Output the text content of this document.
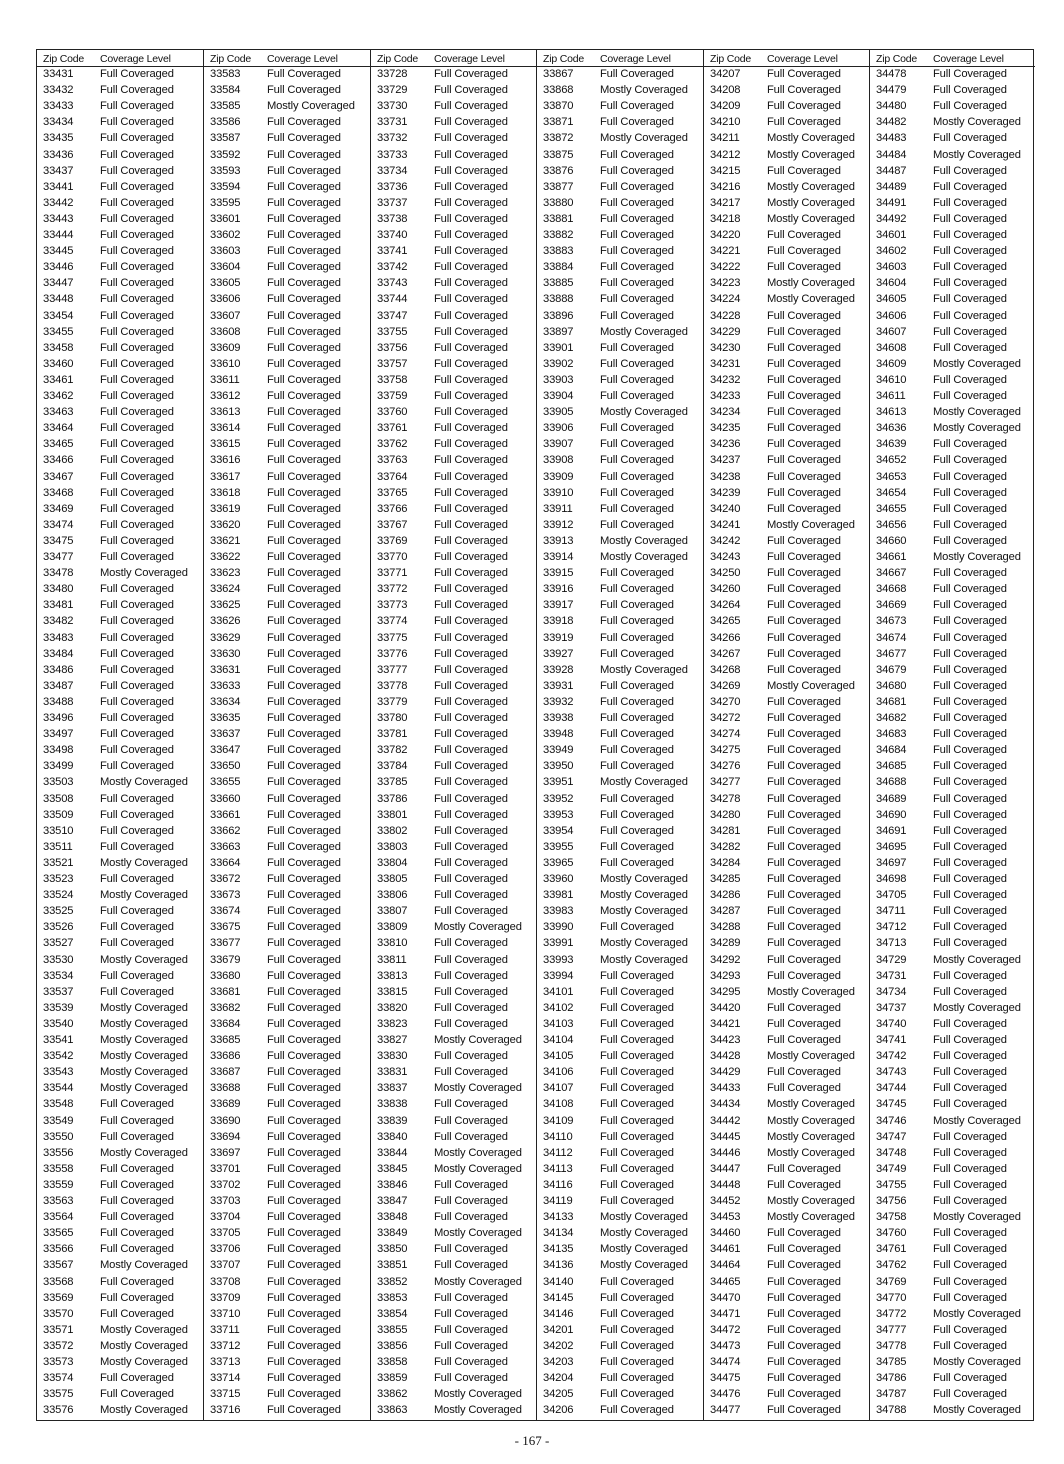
Zip Code Coverage Level
33431 Full Coveraged
33432 Full Coveraged
33433 Full Coveraged
33434 Full Coveraged
33435 Full Coveraged
33436 Full Coveraged
33437 Full Coveraged
33441 Full Coveraged
33442 Full Coveraged
33443 Full Coveraged
33444 Full Coveraged
33445 Full Coveraged
33446 Full Coveraged
33447 Full Coveraged
33448 Full Coveraged
33454 Full Coveraged
33455 Full Coveraged
33458 Full Coveraged
33460 Full Coveraged
33461 Full Coveraged
33462 Full Coveraged
33463 Full Coveraged
33464 Full Coveraged
33465 Full Coveraged
33466 Full Coveraged
33467 Full Coveraged
33468 Full Coveraged
33469 Full Coveraged
33474 Full Coveraged
33475 Full Coveraged
33477 Full Coveraged
33478 Mostly Coveraged
33480 Full Coveraged
33481 Full Coveraged
33482 Full Coveraged
33483 Full Coveraged
33484 Full Coveraged
33486 Full Coveraged
33487 Full Coveraged
33488 Full Coveraged
33496 Full Coveraged
33497 Full Coveraged
33498 Full Coveraged
33499 Full Coveraged
33503 Mostly Coveraged
33508 Full Coveraged
33509 Full Coveraged
33510 Full Coveraged
33511 Full Coveraged
33521 Mostly Coveraged
33523 Full Coveraged
33524 Mostly Coveraged
33525 Full Coveraged
33526 Full Coveraged
33527 Full Coveraged
33530 Mostly Coveraged
33534 Full Coveraged
33537 Full Coveraged
33539 Mostly Coveraged
33540 Mostly Coveraged
33541 Mostly Coveraged
33542 Mostly Coveraged
33543 Mostly Coveraged
33544 Mostly Coveraged
33548 Full Coveraged
33549 Full Coveraged
33550 Full Coveraged
33556 Mostly Coveraged
33558 Full Coveraged
33559 Full Coveraged
33563 Full Coveraged
33564 Full Coveraged
33565 Full Coveraged
33566 Full Coveraged
33567 Mostly Coveraged
33568 Full Coveraged
33569 Full Coveraged
33570 Full Coveraged
33571 Mostly Coveraged
33572 Mostly Coveraged
33573 Mostly Coveraged
33574 Full Coveraged
33575 Full Coveraged
33576 Mostly Coveraged
Zip Code Coverage Level
33583 Full Coveraged
33584 Full Coveraged
33585 Mostly Coveraged
33586 Full Coveraged
33587 Full Coveraged
33592 Full Coveraged
33593 Full Coveraged
33594 Full Coveraged
33595 Full Coveraged
33601 Full Coveraged
33602 Full Coveraged
33603 Full Coveraged
33604 Full Coveraged
33605 Full Coveraged
33606 Full Coveraged
33607 Full Coveraged
33608 Full Coveraged
33609 Full Coveraged
33610 Full Coveraged
33611 Full Coveraged
33612 Full Coveraged
33613 Full Coveraged
33614 Full Coveraged
33615 Full Coveraged
33616 Full Coveraged
33617 Full Coveraged
33618 Full Coveraged
33619 Full Coveraged
33620 Full Coveraged
33621 Full Coveraged
33622 Full Coveraged
33623 Full Coveraged
33624 Full Coveraged
33625 Full Coveraged
33626 Full Coveraged
33629 Full Coveraged
33630 Full Coveraged
33631 Full Coveraged
33633 Full Coveraged
33634 Full Coveraged
33635 Full Coveraged
33637 Full Coveraged
33647 Full Coveraged
33650 Full Coveraged
33655 Full Coveraged
33660 Full Coveraged
33661 Full Coveraged
33662 Full Coveraged
33663 Full Coveraged
33664 Full Coveraged
33672 Full Coveraged
33673 Full Coveraged
33674 Full Coveraged
33675 Full Coveraged
33677 Full Coveraged
33679 Full Coveraged
33680 Full Coveraged
33681 Full Coveraged
33682 Full Coveraged
33684 Full Coveraged
33685 Full Coveraged
33686 Full Coveraged
33687 Full Coveraged
33688 Full Coveraged
33689 Full Coveraged
33690 Full Coveraged
33694 Full Coveraged
33697 Full Coveraged
33701 Full Coveraged
33702 Full Coveraged
33703 Full Coveraged
33704 Full Coveraged
33705 Full Coveraged
33706 Full Coveraged
33707 Full Coveraged
33708 Full Coveraged
33709 Full Coveraged
33710 Full Coveraged
33711 Full Coveraged
33712 Full Coveraged
33713 Full Coveraged
33714 Full Coveraged
33715 Full Coveraged
33716 Full Coveraged
Zip Code Coverage Level
33728 Full Coveraged
33729 Full Coveraged
33730 Full Coveraged
33731 Full Coveraged
33732 Full Coveraged
33733 Full Coveraged
33734 Full Coveraged
33736 Full Coveraged
33737 Full Coveraged
33738 Full Coveraged
33740 Full Coveraged
33741 Full Coveraged
33742 Full Coveraged
33743 Full Coveraged
33744 Full Coveraged
33747 Full Coveraged
33755 Full Coveraged
33756 Full Coveraged
33757 Full Coveraged
33758 Full Coveraged
33759 Full Coveraged
33760 Full Coveraged
33761 Full Coveraged
33762 Full Coveraged
33763 Full Coveraged
33764 Full Coveraged
33765 Full Coveraged
33766 Full Coveraged
33767 Full Coveraged
33769 Full Coveraged
33770 Full Coveraged
33771 Full Coveraged
33772 Full Coveraged
33773 Full Coveraged
33774 Full Coveraged
33775 Full Coveraged
33776 Full Coveraged
33777 Full Coveraged
33778 Full Coveraged
33779 Full Coveraged
33780 Full Coveraged
33781 Full Coveraged
33782 Full Coveraged
33784 Full Coveraged
33785 Full Coveraged
33786 Full Coveraged
33801 Full Coveraged
33802 Full Coveraged
33803 Full Coveraged
33804 Full Coveraged
33805 Full Coveraged
33806 Full Coveraged
33807 Full Coveraged
33809 Mostly Coveraged
33810 Full Coveraged
33811 Full Coveraged
33813 Full Coveraged
33815 Full Coveraged
33820 Full Coveraged
33823 Full Coveraged
33827 Mostly Coveraged
33830 Full Coveraged
33831 Full Coveraged
33837 Mostly Coveraged
33838 Full Coveraged
33839 Full Coveraged
33840 Full Coveraged
33844 Mostly Coveraged
33845 Mostly Coveraged
33846 Full Coveraged
33847 Full Coveraged
33848 Full Coveraged
33849 Mostly Coveraged
33850 Full Coveraged
33851 Full Coveraged
33852 Mostly Coveraged
33853 Full Coveraged
33854 Full Coveraged
33855 Full Coveraged
33856 Full Coveraged
33858 Full Coveraged
33859 Full Coveraged
33862 Mostly Coveraged
33863 Mostly Coveraged
Zip Code Coverage Level
33867 Full Coveraged
33868 Mostly Coveraged
33870 Full Coveraged
33871 Full Coveraged
33872 Mostly Coveraged
33875 Full Coveraged
33876 Full Coveraged
33877 Full Coveraged
33880 Full Coveraged
33881 Full Coveraged
33882 Full Coveraged
33883 Full Coveraged
33884 Full Coveraged
33885 Full Coveraged
33888 Full Coveraged
33896 Full Coveraged
33897 Mostly Coveraged
33901 Full Coveraged
33902 Full Coveraged
33903 Full Coveraged
33904 Full Coveraged
33905 Mostly Coveraged
33906 Full Coveraged
33907 Full Coveraged
33908 Full Coveraged
33909 Full Coveraged
33910 Full Coveraged
33911 Full Coveraged
33912 Full Coveraged
33913 Mostly Coveraged
33914 Mostly Coveraged
33915 Full Coveraged
33916 Full Coveraged
33917 Full Coveraged
33918 Full Coveraged
33919 Full Coveraged
33927 Full Coveraged
33928 Mostly Coveraged
33931 Full Coveraged
33932 Full Coveraged
33938 Full Coveraged
33948 Full Coveraged
33949 Full Coveraged
33950 Full Coveraged
33951 Mostly Coveraged
33952 Full Coveraged
33953 Full Coveraged
33954 Full Coveraged
33955 Full Coveraged
33965 Full Coveraged
33960 Mostly Coveraged
33981 Mostly Coveraged
33983 Mostly Coveraged
33990 Full Coveraged
33991 Mostly Coveraged
33993 Mostly Coveraged
33994 Full Coveraged
34101 Full Coveraged
34102 Full Coveraged
34103 Full Coveraged
34104 Full Coveraged
34105 Full Coveraged
34106 Full Coveraged
34107 Full Coveraged
34108 Full Coveraged
34109 Full Coveraged
34110 Full Coveraged
34112 Full Coveraged
34113 Full Coveraged
34116 Full Coveraged
34119 Full Coveraged
34133 Mostly Coveraged
34134 Mostly Coveraged
34135 Mostly Coveraged
34136 Mostly Coveraged
34140 Full Coveraged
34145 Full Coveraged
34146 Full Coveraged
34201 Full Coveraged
34202 Full Coveraged
34203 Full Coveraged
34204 Full Coveraged
34205 Full Coveraged
34206 Full Coveraged
Zip Code Coverage Level
34207 Full Coveraged
34208 Full Coveraged
34209 Full Coveraged
34210 Full Coveraged
34211 Mostly Coveraged
34212 Mostly Coveraged
34215 Full Coveraged
34216 Mostly Coveraged
34217 Mostly Coveraged
34218 Mostly Coveraged
34220 Full Coveraged
34221 Full Coveraged
34222 Full Coveraged
34223 Mostly Coveraged
34224 Mostly Coveraged
34228 Full Coveraged
34229 Full Coveraged
34230 Full Coveraged
34231 Full Coveraged
34232 Full Coveraged
34233 Full Coveraged
34234 Full Coveraged
34235 Full Coveraged
34236 Full Coveraged
34237 Full Coveraged
34238 Full Coveraged
34239 Full Coveraged
34240 Full Coveraged
34241 Mostly Coveraged
34242 Full Coveraged
34243 Full Coveraged
34250 Full Coveraged
34260 Full Coveraged
34264 Full Coveraged
34265 Full Coveraged
34266 Full Coveraged
34267 Full Coveraged
34268 Full Coveraged
34269 Mostly Coveraged
34270 Full Coveraged
34272 Full Coveraged
34274 Full Coveraged
34275 Full Coveraged
34276 Full Coveraged
34277 Full Coveraged
34278 Full Coveraged
34280 Full Coveraged
34281 Full Coveraged
34282 Full Coveraged
34284 Full Coveraged
34285 Full Coveraged
34286 Full Coveraged
34287 Full Coveraged
34288 Full Coveraged
34289 Full Coveraged
34292 Full Coveraged
34293 Full Coveraged
34295 Mostly Coveraged
34420 Full Coveraged
34421 Full Coveraged
34423 Full Coveraged
34428 Mostly Coveraged
34429 Full Coveraged
34433 Full Coveraged
34434 Mostly Coveraged
34442 Mostly Coveraged
34445 Mostly Coveraged
34446 Mostly Coveraged
34447 Full Coveraged
34448 Full Coveraged
34452 Mostly Coveraged
34453 Mostly Coveraged
34460 Full Coveraged
34461 Full Coveraged
34464 Full Coveraged
34465 Full Coveraged
34470 Full Coveraged
34471 Full Coveraged
34472 Full Coveraged
34473 Full Coveraged
34474 Full Coveraged
34475 Full Coveraged
34476 Full Coveraged
34477 Full Coveraged
Zip Code Coverage Level
34478 Full Coveraged
34479 Full Coveraged
34480 Full Coveraged
34482 Mostly Coveraged
34483 Full Coveraged
34484 Mostly Coveraged
34487 Full Coveraged
34489 Full Coveraged
34491 Full Coveraged
34492 Full Coveraged
34601 Full Coveraged
34602 Full Coveraged
34603 Full Coveraged
34604 Full Coveraged
34605 Full Coveraged
34606 Full Coveraged
34607 Full Coveraged
34608 Full Coveraged
34609 Mostly Coveraged
34610 Full Coveraged
34611 Full Coveraged
34613 Mostly Coveraged
34636 Mostly Coveraged
34639 Full Coveraged
34652 Full Coveraged
34653 Full Coveraged
34654 Full Coveraged
34655 Full Coveraged
34656 Full Coveraged
34660 Full Coveraged
34661 Mostly Coveraged
34667 Full Coveraged
34668 Full Coveraged
34669 Full Coveraged
34673 Full Coveraged
34674 Full Coveraged
34677 Full Coveraged
34679 Full Coveraged
34680 Full Coveraged
34681 Full Coveraged
34682 Full Coveraged
34683 Full Coveraged
34684 Full Coveraged
34685 Full Coveraged
34688 Full Coveraged
34689 Full Coveraged
34690 Full Coveraged
34691 Full Coveraged
34695 Full Coveraged
34697 Full Coveraged
34698 Full Coveraged
34705 Full Coveraged
34711 Full Coveraged
34712 Full Coveraged
34713 Full Coveraged
34729 Mostly Coveraged
34731 Full Coveraged
34734 Full Coveraged
34737 Mostly Coveraged
34740 Full Coveraged
34741 Full Coveraged
34742 Full Coveraged
34743 Full Coveraged
34744 Full Coveraged
34745 Full Coveraged
34746 Mostly Coveraged
34747 Full Coveraged
34748 Full Coveraged
34749 Full Coveraged
34755 Full Coveraged
34756 Full Coveraged
34758 Mostly Coveraged
34760 Full Coveraged
34761 Full Coveraged
34762 Full Coveraged
34769 Full Coveraged
34770 Full Coveraged
34772 Mostly Coveraged
34777 Full Coveraged
34778 Full Coveraged
34785 Mostly Coveraged
34786 Full Coveraged
34787 Full Coveraged
34788 Mostly Coveraged
- 167 -
